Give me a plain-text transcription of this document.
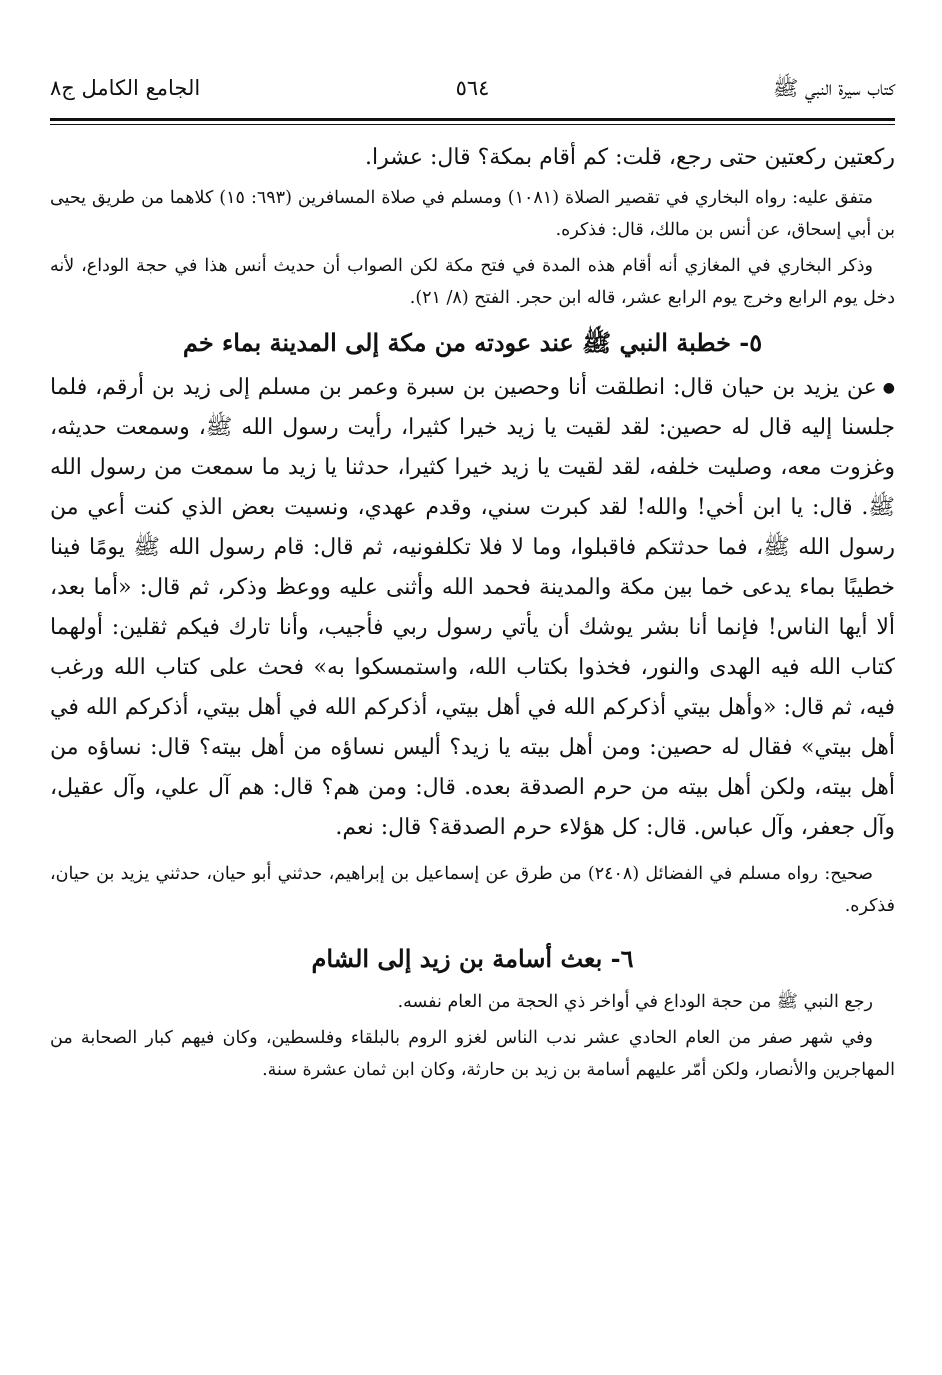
كتاب سيرة النبي ﷺ
٥٦٤
الجامع الكامل ج٨

ركعتين ركعتين حتى رجع، قلت: كم أقام بمكة؟ قال: عشرا.

متفق عليه: رواه البخاري في تقصير الصلاة (١٠٨١) ومسلم في صلاة المسافرين (٦٩٣: ١٥) كلاهما من طريق يحيى بن أبي إسحاق، عن أنس بن مالك، قال: فذكره.

وذكر البخاري في المغازي أنه أقام هذه المدة في فتح مكة لكن الصواب أن حديث أنس هذا في حجة الوداع، لأنه دخل يوم الرابع وخرج يوم الرابع عشر، قاله ابن حجر. الفتح (٨/ ٢١).

٥- خطبة النبي ﷺ عند عودته من مكة إلى المدينة بماء خم

●عن يزيد بن حيان قال: انطلقت أنا وحصين بن سبرة وعمر بن مسلم إلى زيد بن أرقم، فلما جلسنا إليه قال له حصين: لقد لقيت يا زيد خيرا كثيرا، رأيت رسول الله ﷺ، وسمعت حديثه، وغزوت معه، وصليت خلفه، لقد لقيت يا زيد خيرا كثيرا، حدثنا يا زيد ما سمعت من رسول الله ﷺ. قال: يا ابن أخي! والله! لقد كبرت سني، وقدم عهدي، ونسيت بعض الذي كنت أعي من رسول الله ﷺ، فما حدثتكم فاقبلوا، وما لا فلا تكلفونيه، ثم قال: قام رسول الله ﷺ يومًا فينا خطيبًا بماء يدعى خما بين مكة والمدينة فحمد الله وأثنى عليه ووعظ وذكر، ثم قال: «أما بعد، ألا أيها الناس! فإنما أنا بشر يوشك أن يأتي رسول ربي فأجيب، وأنا تارك فيكم ثقلين: أولهما كتاب الله فيه الهدى والنور، فخذوا بكتاب الله، واستمسكوا به» فحث على كتاب الله ورغب فيه، ثم قال: «وأهل بيتي أذكركم الله في أهل بيتي، أذكركم الله في أهل بيتي، أذكركم الله في أهل بيتي» فقال له حصين: ومن أهل بيته يا زيد؟ أليس نساؤه من أهل بيته؟ قال: نساؤه من أهل بيته، ولكن أهل بيته من حرم الصدقة بعده. قال: ومن هم؟ قال: هم آل علي، وآل عقيل، وآل جعفر، وآل عباس. قال: كل هؤلاء حرم الصدقة؟ قال: نعم.

صحيح: رواه مسلم في الفضائل (٢٤٠٨) من طرق عن إسماعيل بن إبراهيم، حدثني أبو حيان، حدثني يزيد بن حيان، فذكره.

٦- بعث أسامة بن زيد إلى الشام

رجع النبي ﷺ من حجة الوداع في أواخر ذي الحجة من العام نفسه.

وفي شهر صفر من العام الحادي عشر ندب الناس لغزو الروم بالبلقاء وفلسطين، وكان فيهم كبار الصحابة من المهاجرين والأنصار، ولكن أمّر عليهم أسامة بن زيد بن حارثة، وكان ابن ثمان عشرة سنة.
